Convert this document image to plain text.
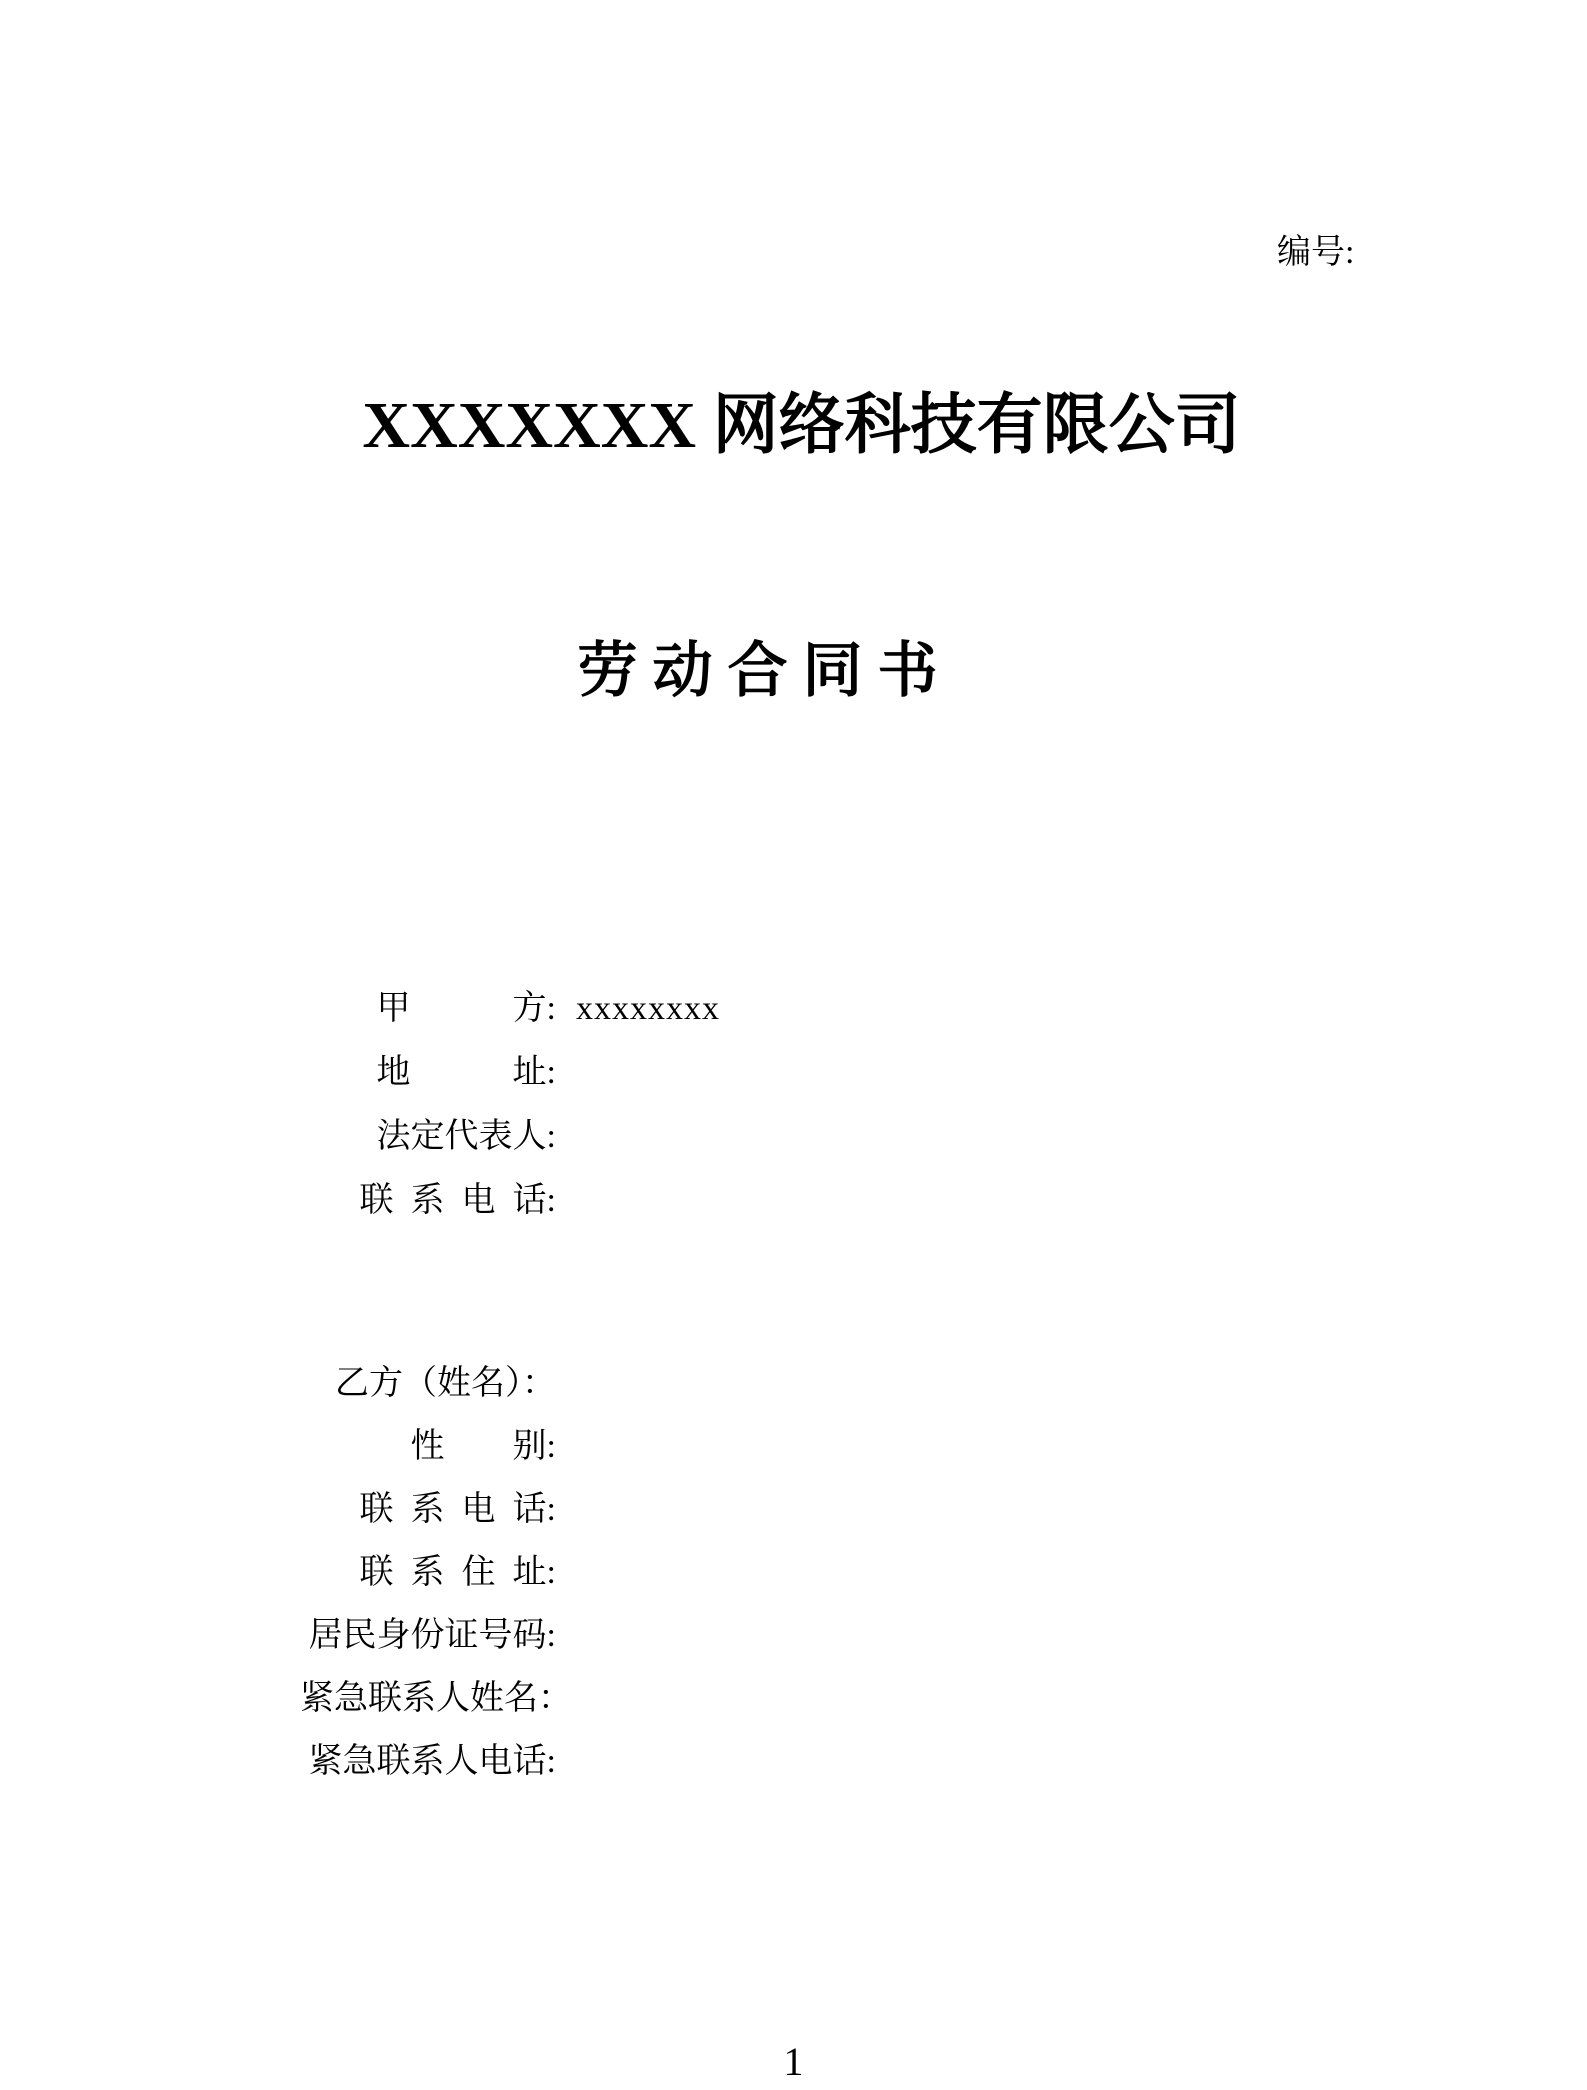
编号:

XXXXXXX 网络科技有限公司
劳 动 合 同 书
甲　　　方: xxxxxxxx
地　　　址:
法定代表人:
联  系  电  话:
乙方（姓名）：
性　　别:
联  系  电  话:
联  系  住  址:
居民身份证号码:
紧急联系人姓名：
紧急联系人电话:
1
